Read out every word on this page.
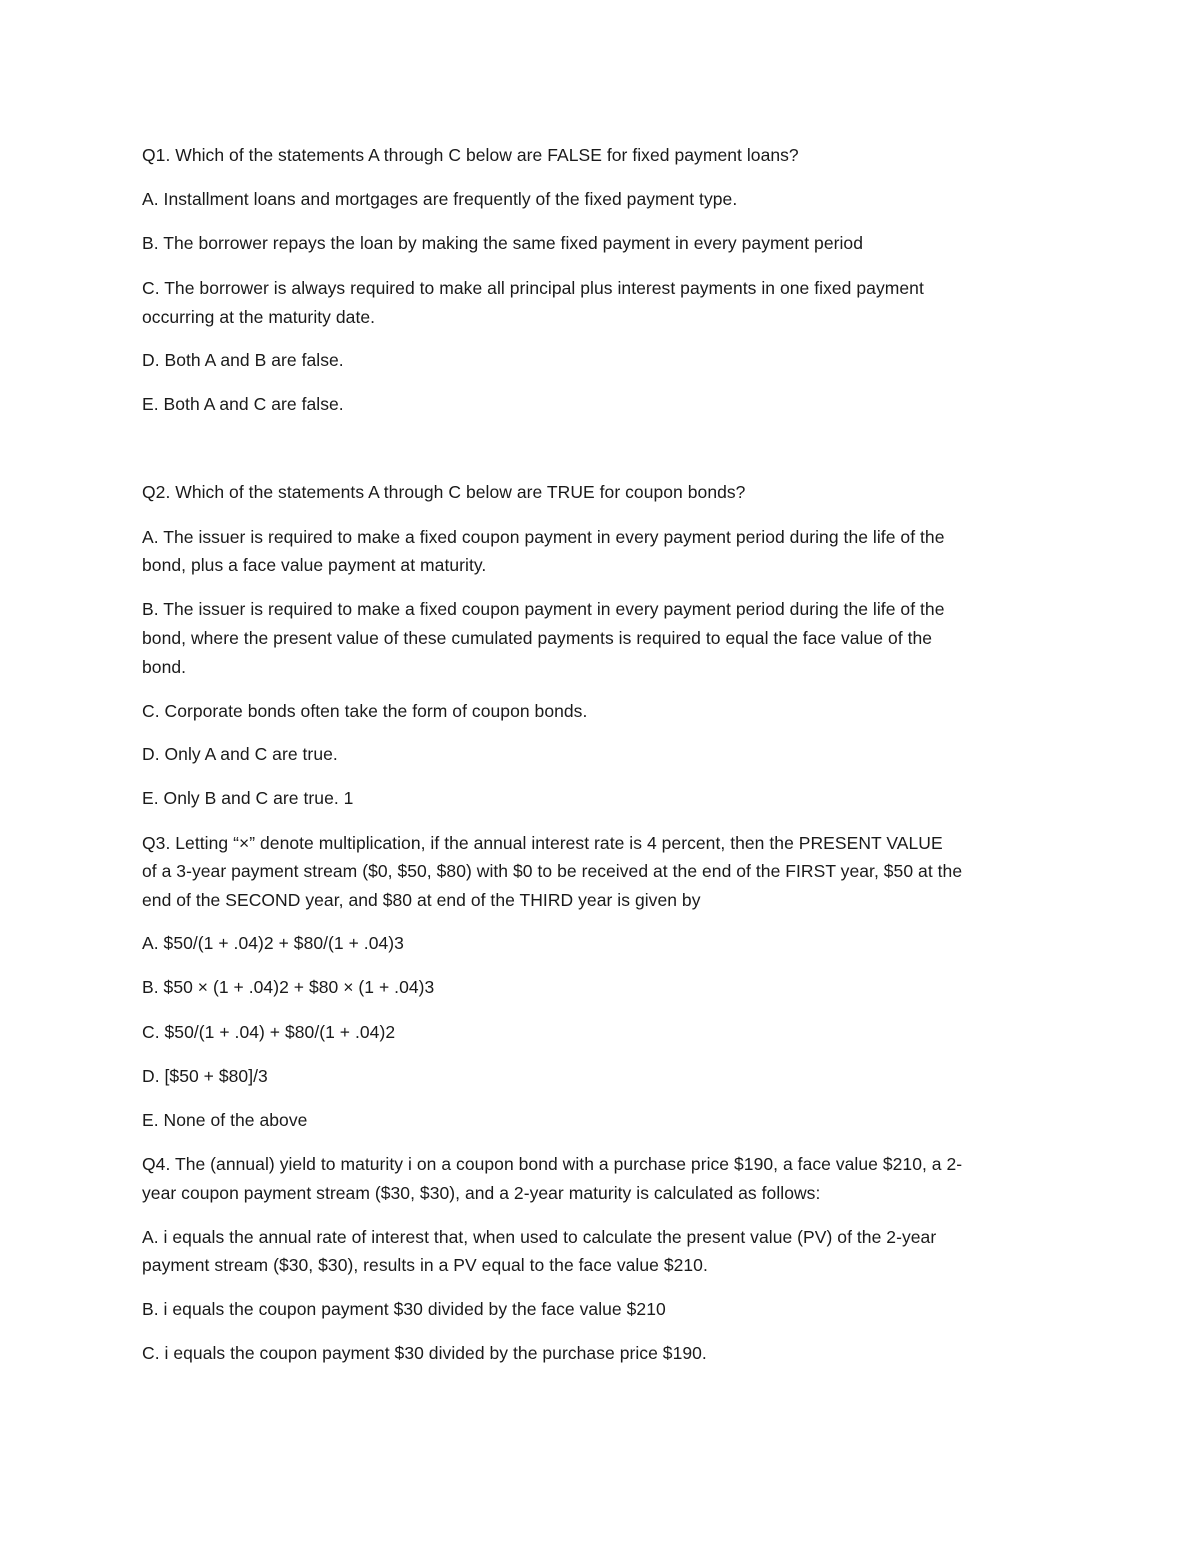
Q1. Which of the statements A through C below are FALSE for fixed payment loans?
A. Installment loans and mortgages are frequently of the fixed payment type.
B. The borrower repays the loan by making the same fixed payment in every payment period
C. The borrower is always required to make all principal plus interest payments in one fixed payment
occurring at the maturity date.
D. Both A and B are false.
E. Both A and C are false.
Q2. Which of the statements A through C below are TRUE for coupon bonds?
A. The issuer is required to make a fixed coupon payment in every payment period during the life of the
bond, plus a face value payment at maturity.
B. The issuer is required to make a fixed coupon payment in every payment period during the life of the
bond, where the present value of these cumulated payments is required to equal the face value of the
bond.
C. Corporate bonds often take the form of coupon bonds.
D. Only A and C are true.
E. Only B and C are true. 1
Q3. Letting “×” denote multiplication, if the annual interest rate is 4 percent, then the PRESENT VALUE
of a 3-year payment stream ($0, $50, $80) with $0 to be received at the end of the FIRST year, $50 at the
end of the SECOND year, and $80 at end of the THIRD year is given by
A. $50/(1 + .04)2 + $80/(1 + .04)3
B. $50 × (1 + .04)2 + $80 × (1 + .04)3
C. $50/(1 + .04) + $80/(1 + .04)2
D. [$50 + $80]/3
E. None of the above
Q4. The (annual) yield to maturity i on a coupon bond with a purchase price $190, a face value $210, a 2-
year coupon payment stream ($30, $30), and a 2-year maturity is calculated as follows:
A. i equals the annual rate of interest that, when used to calculate the present value (PV) of the 2-year
payment stream ($30, $30), results in a PV equal to the face value $210.
B. i equals the coupon payment $30 divided by the face value $210
C. i equals the coupon payment $30 divided by the purchase price $190.
